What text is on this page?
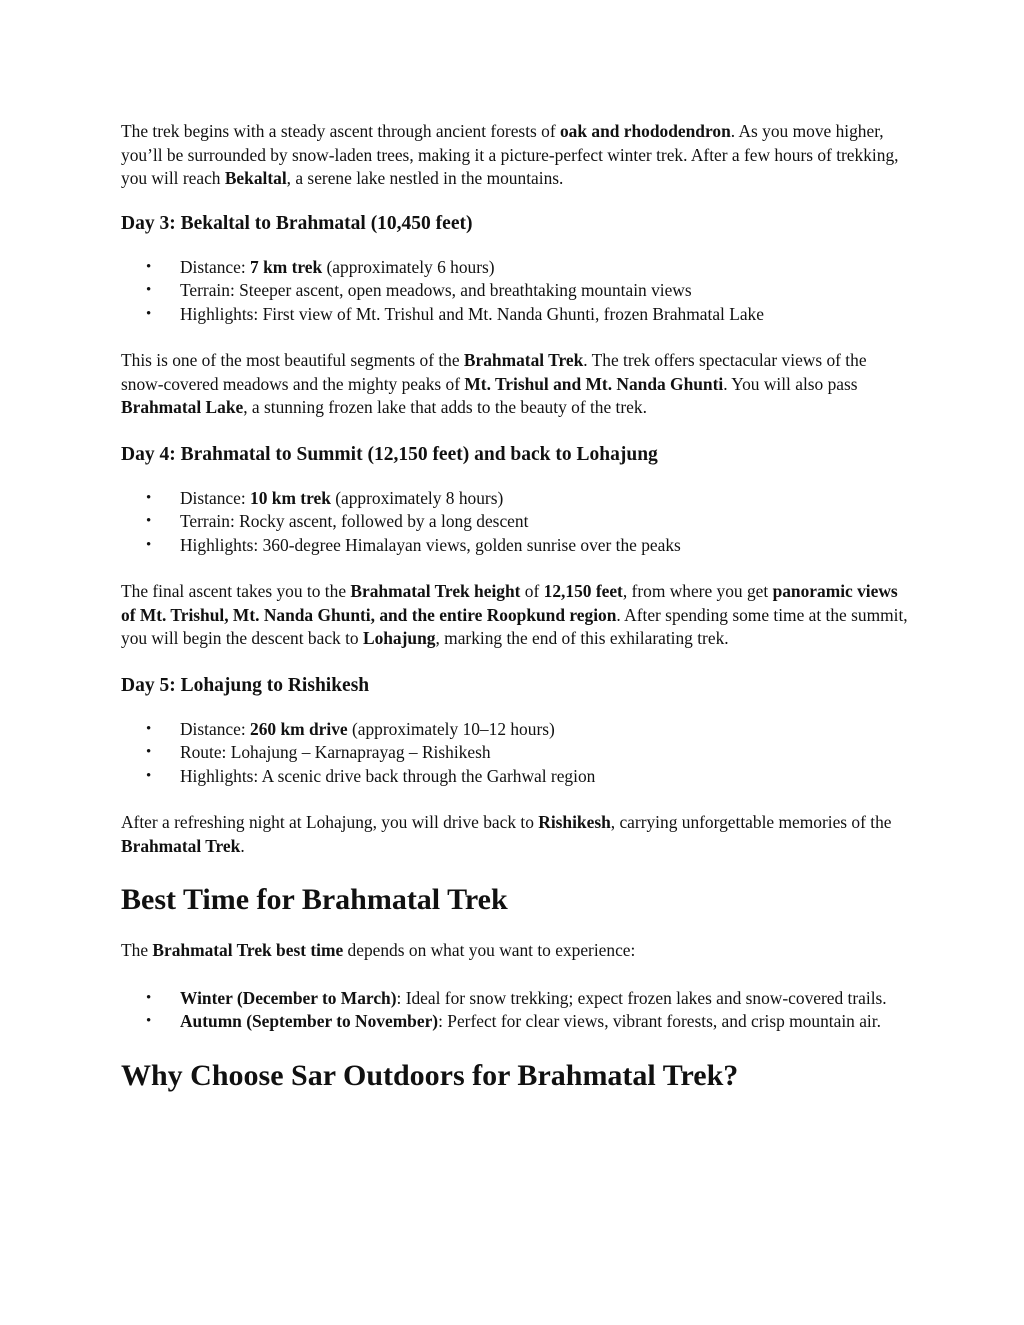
The trek begins with a steady ascent through ancient forests of oak and rhododendron. As you move higher, you’ll be surrounded by snow-laden trees, making it a picture-perfect winter trek. After a few hours of trekking, you will reach Bekaltal, a serene lake nestled in the mountains.

Day 3: Bekaltal to Brahmatal (10,450 feet)
• Distance: 7 km trek (approximately 6 hours)
• Terrain: Steeper ascent, open meadows, and breathtaking mountain views
• Highlights: First view of Mt. Trishul and Mt. Nanda Ghunti, frozen Brahmatal Lake

This is one of the most beautiful segments of the Brahmatal Trek. The trek offers spectacular views of the snow-covered meadows and the mighty peaks of Mt. Trishul and Mt. Nanda Ghunti. You will also pass Brahmatal Lake, a stunning frozen lake that adds to the beauty of the trek.

Day 4: Brahmatal to Summit (12,150 feet) and back to Lohajung
• Distance: 10 km trek (approximately 8 hours)
• Terrain: Rocky ascent, followed by a long descent
• Highlights: 360-degree Himalayan views, golden sunrise over the peaks

The final ascent takes you to the Brahmatal Trek height of 12,150 feet, from where you get panoramic views of Mt. Trishul, Mt. Nanda Ghunti, and the entire Roopkund region. After spending some time at the summit, you will begin the descent back to Lohajung, marking the end of this exhilarating trek.

Day 5: Lohajung to Rishikesh
• Distance: 260 km drive (approximately 10–12 hours)
• Route: Lohajung – Karnaprayag – Rishikesh
• Highlights: A scenic drive back through the Garhwal region

After a refreshing night at Lohajung, you will drive back to Rishikesh, carrying unforgettable memories of the Brahmatal Trek.

Best Time for Brahmatal Trek

The Brahmatal Trek best time depends on what you want to experience:

• Winter (December to March): Ideal for snow trekking; expect frozen lakes and snow-covered trails.
• Autumn (September to November): Perfect for clear views, vibrant forests, and crisp mountain air.
Why Choose Sar Outdoors for Brahmatal Trek?
